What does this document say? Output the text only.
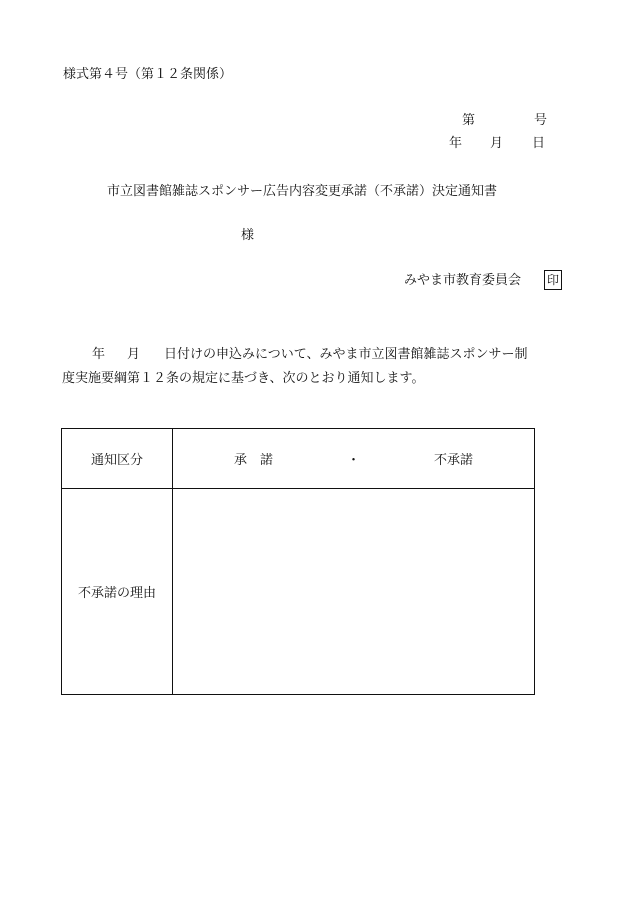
様式第４号（第１２条関係）
第	号
年 月 日
市立図書館雑誌スポンサー広告内容変更承諾（不承諾）決定通知書
様
みやま市教育委員会 印
年 月 日付けの申込みについて、みやま市立図書館雑誌スポンサー制
度実施要綱第１２条の規定に基づき、次のとおり通知します。
通知区分	承　諾 ・ 不承諾
不承諾の理由	
